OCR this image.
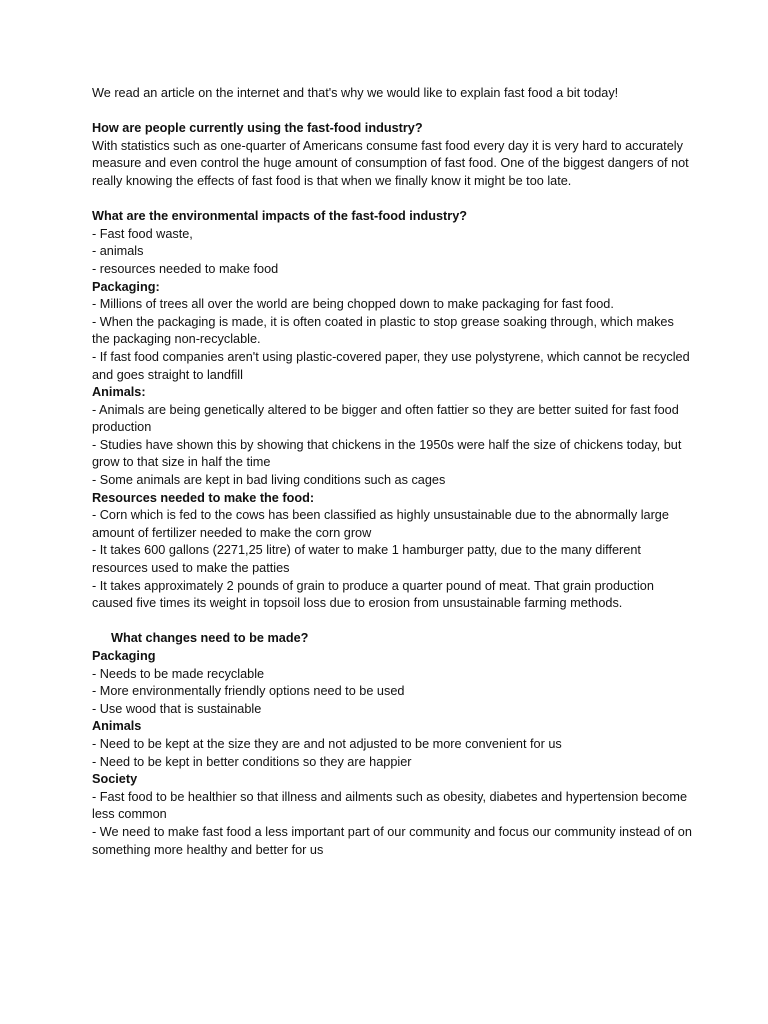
We read an article on the internet and that's why we would like to explain fast food a bit today!

How are people currently using the fast-food industry?

With statistics such as one-quarter of Americans consume fast food every day it is very hard to accurately measure and even control the huge amount of consumption of fast food. One of the biggest dangers of not really knowing the effects of fast food is that when we finally know it might be too late.

What are the environmental impacts of the fast-food industry?

- Fast food waste,

- animals

- resources needed to make food

Packaging:

- Millions of trees all over the world are being chopped down to make packaging for fast food.

- When the packaging is made, it is often coated in plastic to stop grease soaking through, which makes the packaging non-recyclable.

- If fast food companies aren't using plastic-covered paper, they use polystyrene, which cannot be recycled and goes straight to landfill

Animals:

- Animals are being genetically altered to be bigger and often fattier so they are better suited for fast food production

- Studies have shown this by showing that chickens in the 1950s were half the size of chickens today, but grow to that size in half the time

- Some animals are kept in bad living conditions such as cages

Resources needed to make the food:

- Corn which is fed to the cows has been classified as highly unsustainable due to the abnormally large amount of fertilizer needed to make the corn grow

- It takes 600 gallons (2271,25 litre) of water to make 1 hamburger patty, due to the many different resources used to make the patties

- It takes approximately 2 pounds of grain to produce a quarter pound of meat. That grain production caused five times its weight in topsoil loss due to erosion from unsustainable farming methods.

What changes need to be made?

Packaging

- Needs to be made recyclable

- More environmentally friendly options need to be used

- Use wood that is sustainable

Animals

- Need to be kept at the size they are and not adjusted to be more convenient for us

- Need to be kept in better conditions so they are happier

Society

- Fast food to be healthier so that illness and ailments such as obesity, diabetes and hypertension become less common

- We need to make fast food a less important part of our community and focus our community instead of on something more healthy and better for us
